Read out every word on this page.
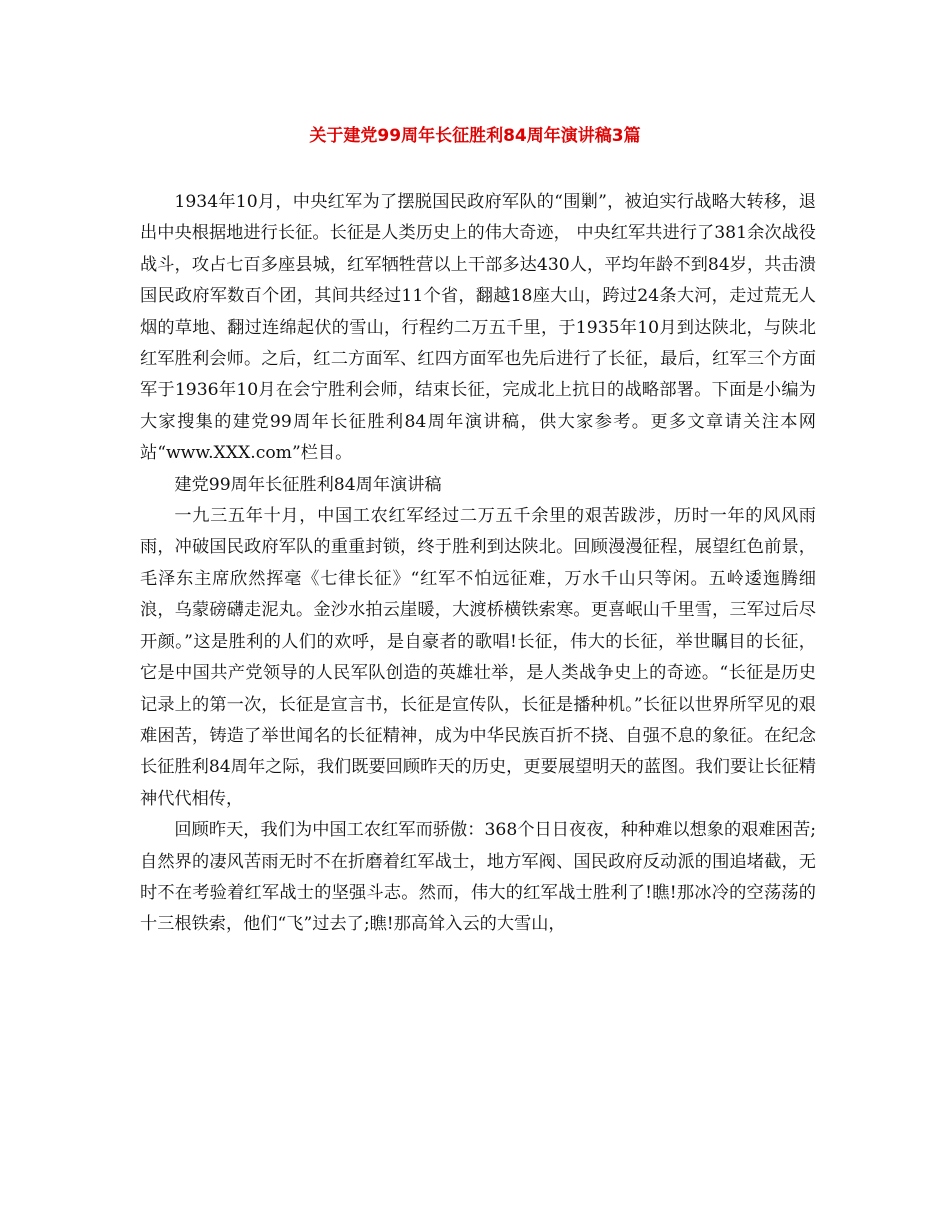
关于建党99周年长征胜利84周年演讲稿3篇

1934年10月，中央红军为了摆脱国民政府军队的“围剿”，被迫实行战略大转移，退出中央根据地进行长征。长征是人类历史上的伟大奇迹， 中央红军共进行了381余次战役战斗，攻占七百多座县城，红军牺牲营以上干部多达430人，平均年龄不到84岁，共击溃国民政府军数百个团，其间共经过11个省，翻越18座大山，跨过24条大河，走过荒无人烟的草地、翻过连绵起伏的雪山，行程约二万五千里，于1935年10月到达陕北，与陕北红军胜利会师。之后，红二方面军、红四方面军也先后进行了长征，最后，红军三个方面军于1936年10月在会宁胜利会师，结束长征，完成北上抗日的战略部署。下面是小编为大家搜集的建党99周年长征胜利84周年演讲稿，供大家参考。更多文章请关注本网站“www.XXX.com”栏目。

建党99周年长征胜利84周年演讲稿

一九三五年十月，中国工农红军经过二万五千余里的艰苦跋涉，历时一年的风风雨雨，冲破国民政府军队的重重封锁，终于胜利到达陕北。回顾漫漫征程，展望红色前景，毛泽东主席欣然挥毫《七律长征》“红军不怕远征难，万水千山只等闲。五岭逶迤腾细浪，乌蒙磅礴走泥丸。金沙水拍云崖暖，大渡桥横铁索寒。更喜岷山千里雪，三军过后尽开颜。”这是胜利的人们的欢呼，是自豪者的歌唱!长征，伟大的长征，举世瞩目的长征，它是中国共产党领导的人民军队创造的英雄壮举，是人类战争史上的奇迹。“长征是历史记录上的第一次，长征是宣言书，长征是宣传队，长征是播种机。”长征以世界所罕见的艰难困苦，铸造了举世闻名的长征精神，成为中华民族百折不挠、自强不息的象征。在纪念长征胜利84周年之际，我们既要回顾昨天的历史，更要展望明天的蓝图。我们要让长征精神代代相传，

回顾昨天，我们为中国工农红军而骄傲：368个日日夜夜，种种难以想象的艰难困苦;自然界的凄风苦雨无时不在折磨着红军战士，地方军阀、国民政府反动派的围追堵截，无时不在考验着红军战士的坚强斗志。然而，伟大的红军战士胜利了!瞧!那冰冷的空荡荡的十三根铁索，他们“飞”过去了;瞧!那高耸入云的大雪山，
